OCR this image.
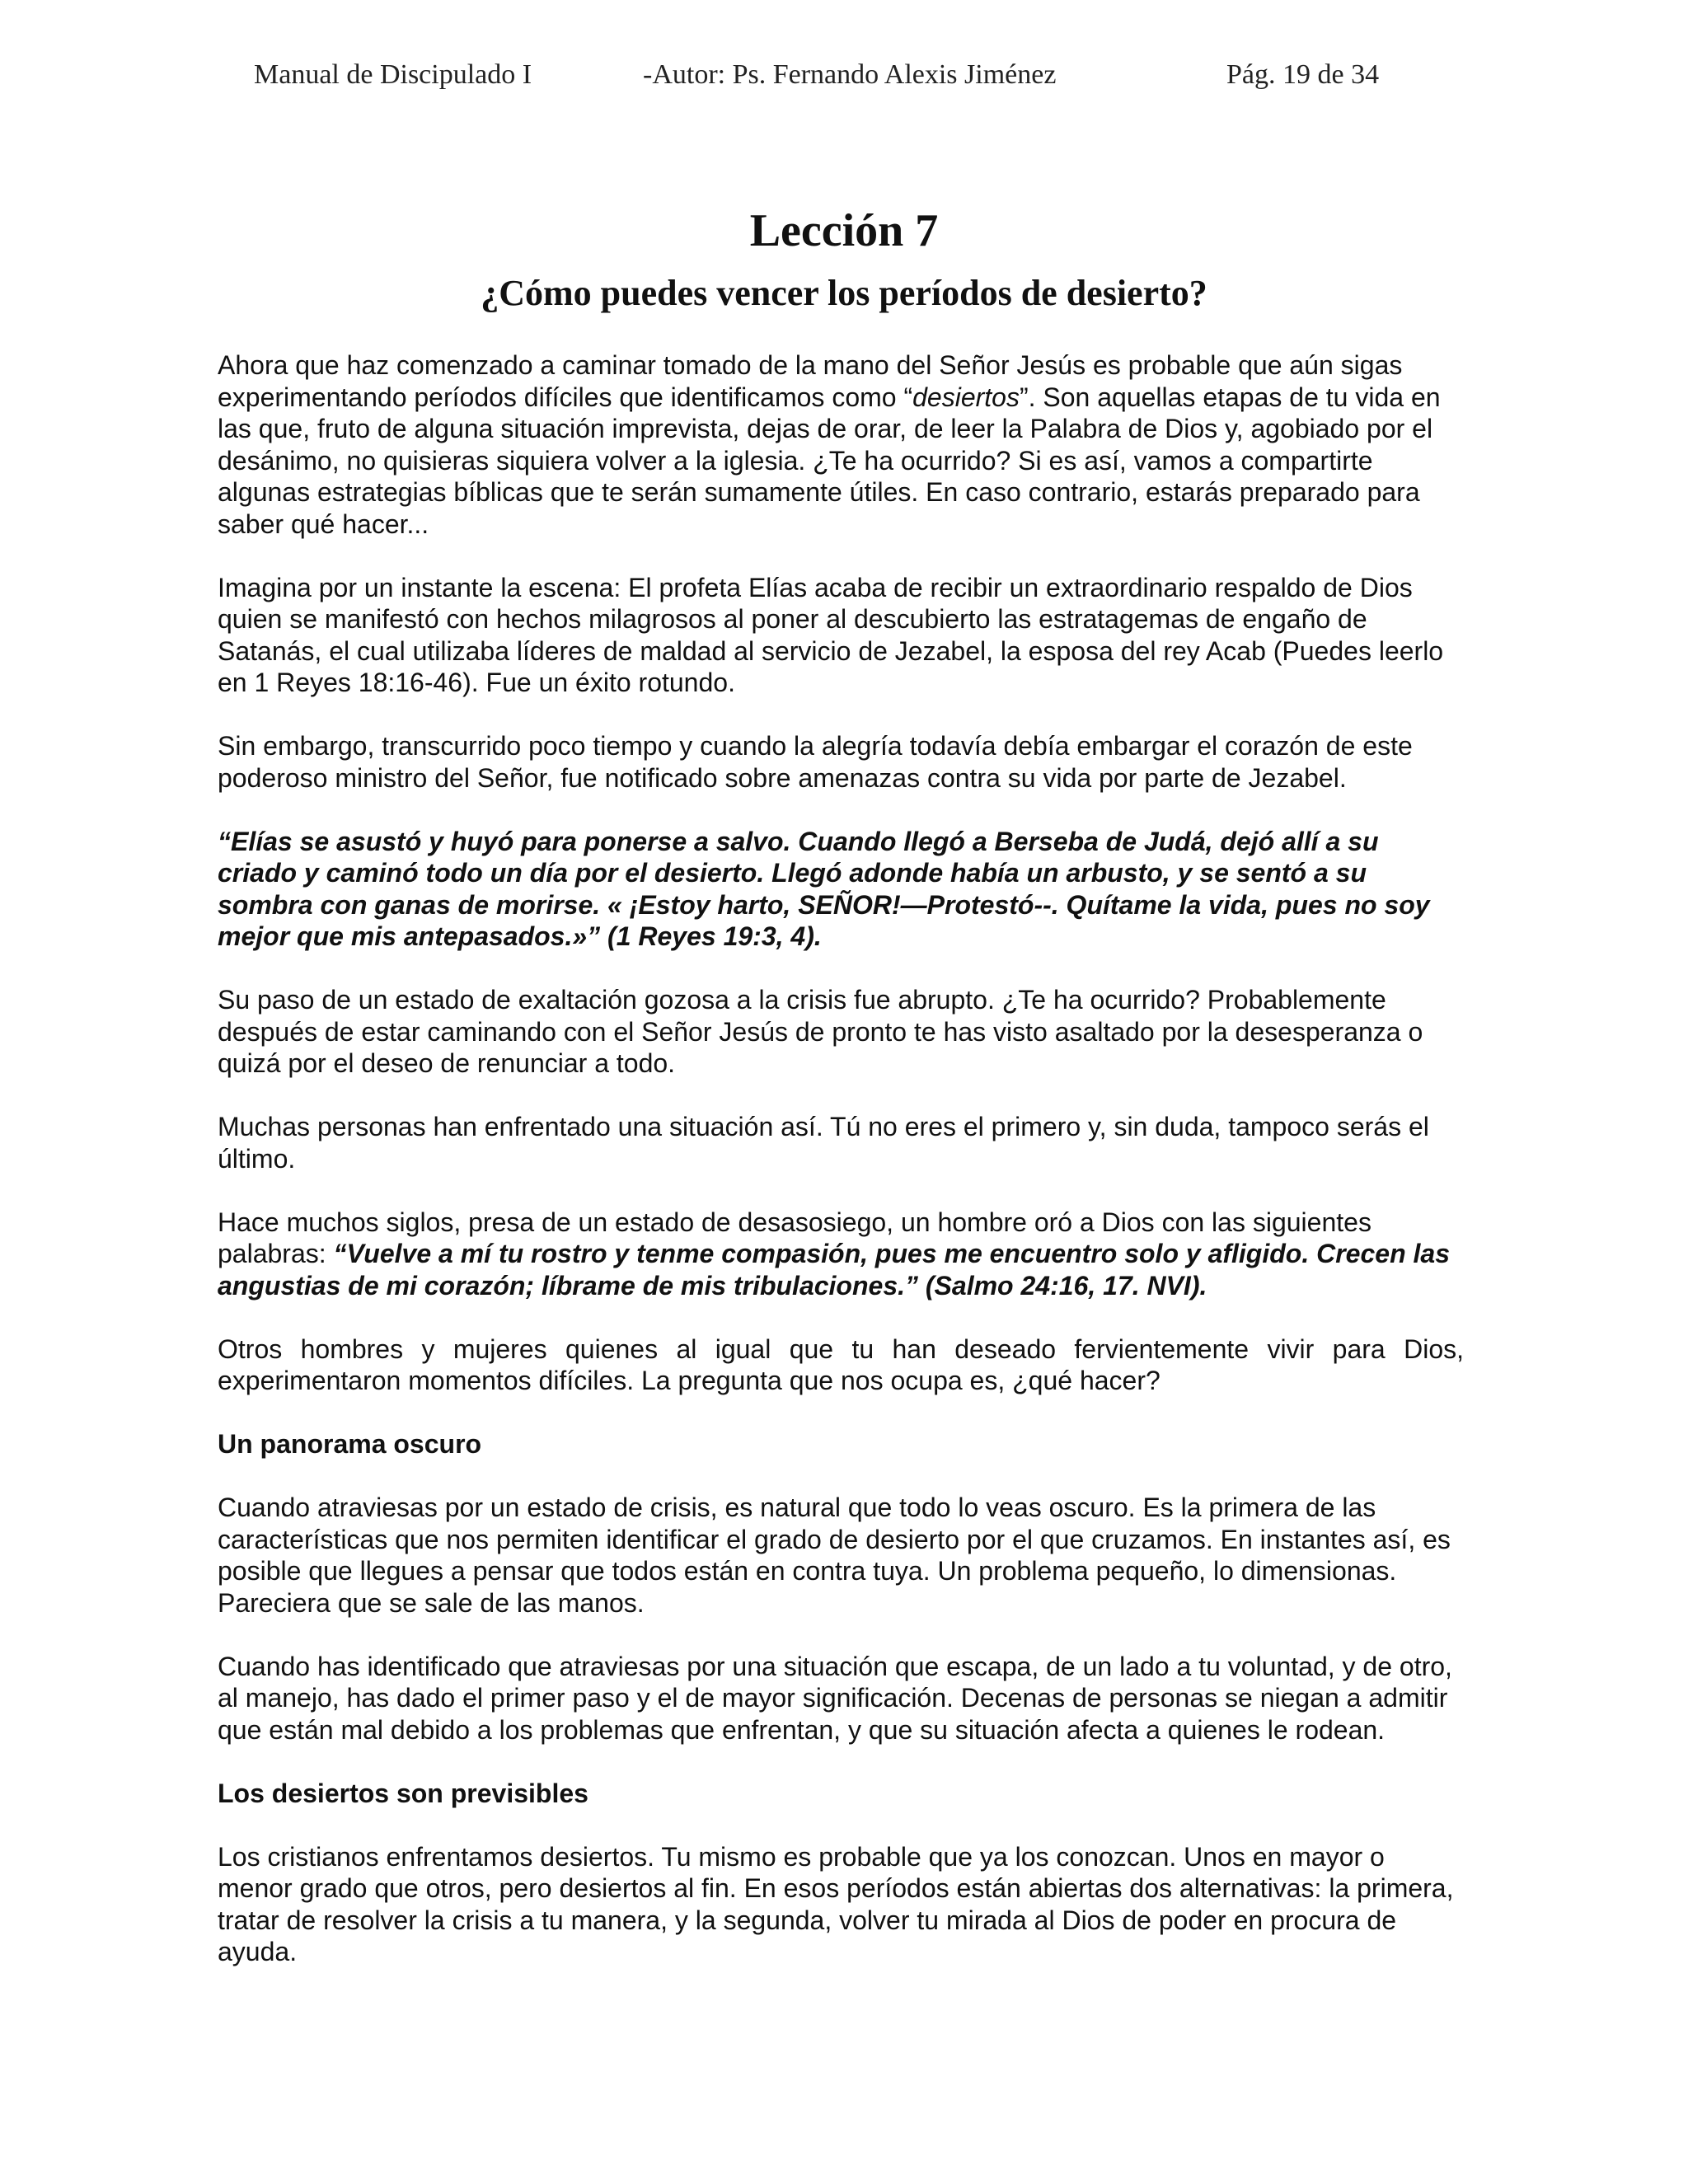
Manual de Discipulado I	-Autor: Ps. Fernando Alexis Jiménez	Pág. 19 de 34
Lección 7
¿Cómo puedes vencer los períodos de desierto?

Ahora que haz comenzado a caminar tomado de la mano del Señor Jesús es probable que aún sigas experimentando períodos difíciles que identificamos como “desiertos”. Son aquellas etapas de tu vida en las que, fruto de alguna situación imprevista, dejas de orar, de leer la Palabra de Dios y, agobiado por el desánimo, no quisieras siquiera volver a la iglesia. ¿Te ha ocurrido? Si es así, vamos a compartirte algunas estrategias bíblicas que te serán sumamente útiles. En caso contrario, estarás preparado para saber qué hacer...

Imagina por un instante la escena: El profeta Elías acaba de recibir un extraordinario respaldo de Dios quien se manifestó con hechos milagrosos al poner al descubierto las estratagemas de engaño de Satanás, el cual utilizaba líderes de maldad al servicio de Jezabel, la esposa del rey Acab (Puedes leerlo en 1 Reyes 18:16-46). Fue un éxito rotundo.

Sin embargo, transcurrido poco tiempo y cuando la alegría todavía debía embargar el corazón de este poderoso ministro del Señor, fue notificado sobre amenazas contra su vida por parte de Jezabel.

“Elías se asustó y huyó para ponerse a salvo. Cuando llegó a Berseba de Judá, dejó allí a su criado y caminó todo un día por el desierto. Llegó adonde había un arbusto, y se sentó a su sombra con ganas de morirse. « ¡Estoy harto, SEÑOR!—Protestó--. Quítame la vida, pues no soy mejor que mis antepasados.»” (1 Reyes 19:3, 4).

Su paso de un estado de exaltación gozosa a la crisis fue abrupto. ¿Te ha ocurrido? Probablemente después de estar caminando con el Señor Jesús de pronto te has visto asaltado por la desesperanza o quizá por el deseo de renunciar a todo.

Muchas personas han enfrentado una situación así. Tú no eres el primero y, sin duda, tampoco serás el último.

Hace muchos siglos, presa de un estado de desasosiego, un hombre oró a Dios con las siguientes palabras: “Vuelve a mí tu rostro y tenme compasión, pues me encuentro solo y afligido. Crecen las angustias de mi corazón; líbrame de mis tribulaciones.” (Salmo 24:16, 17. NVI).

Otros hombres y mujeres quienes al igual que tu han deseado fervientemente vivir para Dios, experimentaron momentos difíciles. La pregunta que nos ocupa es, ¿qué hacer?

Un panorama oscuro

Cuando atraviesas por un estado de crisis, es natural que todo lo veas oscuro. Es la primera de las características que nos permiten identificar el grado de desierto por el que cruzamos. En instantes así, es posible que llegues a pensar que todos están en contra tuya. Un problema pequeño, lo dimensionas. Pareciera que se sale de las manos.

Cuando has identificado que atraviesas por una situación que escapa, de un lado a tu voluntad, y de otro, al manejo, has dado el primer paso y el de mayor significación. Decenas de personas se niegan a admitir que están mal debido a los problemas que enfrentan, y que su situación afecta a quienes le rodean.

Los desiertos son previsibles

Los cristianos enfrentamos desiertos. Tu mismo es probable que ya los conozcan. Unos en mayor o menor grado que otros, pero desiertos al fin. En esos períodos están abiertas dos alternativas: la primera, tratar de resolver la crisis a tu manera, y la segunda, volver tu mirada al Dios de poder en procura de ayuda.
